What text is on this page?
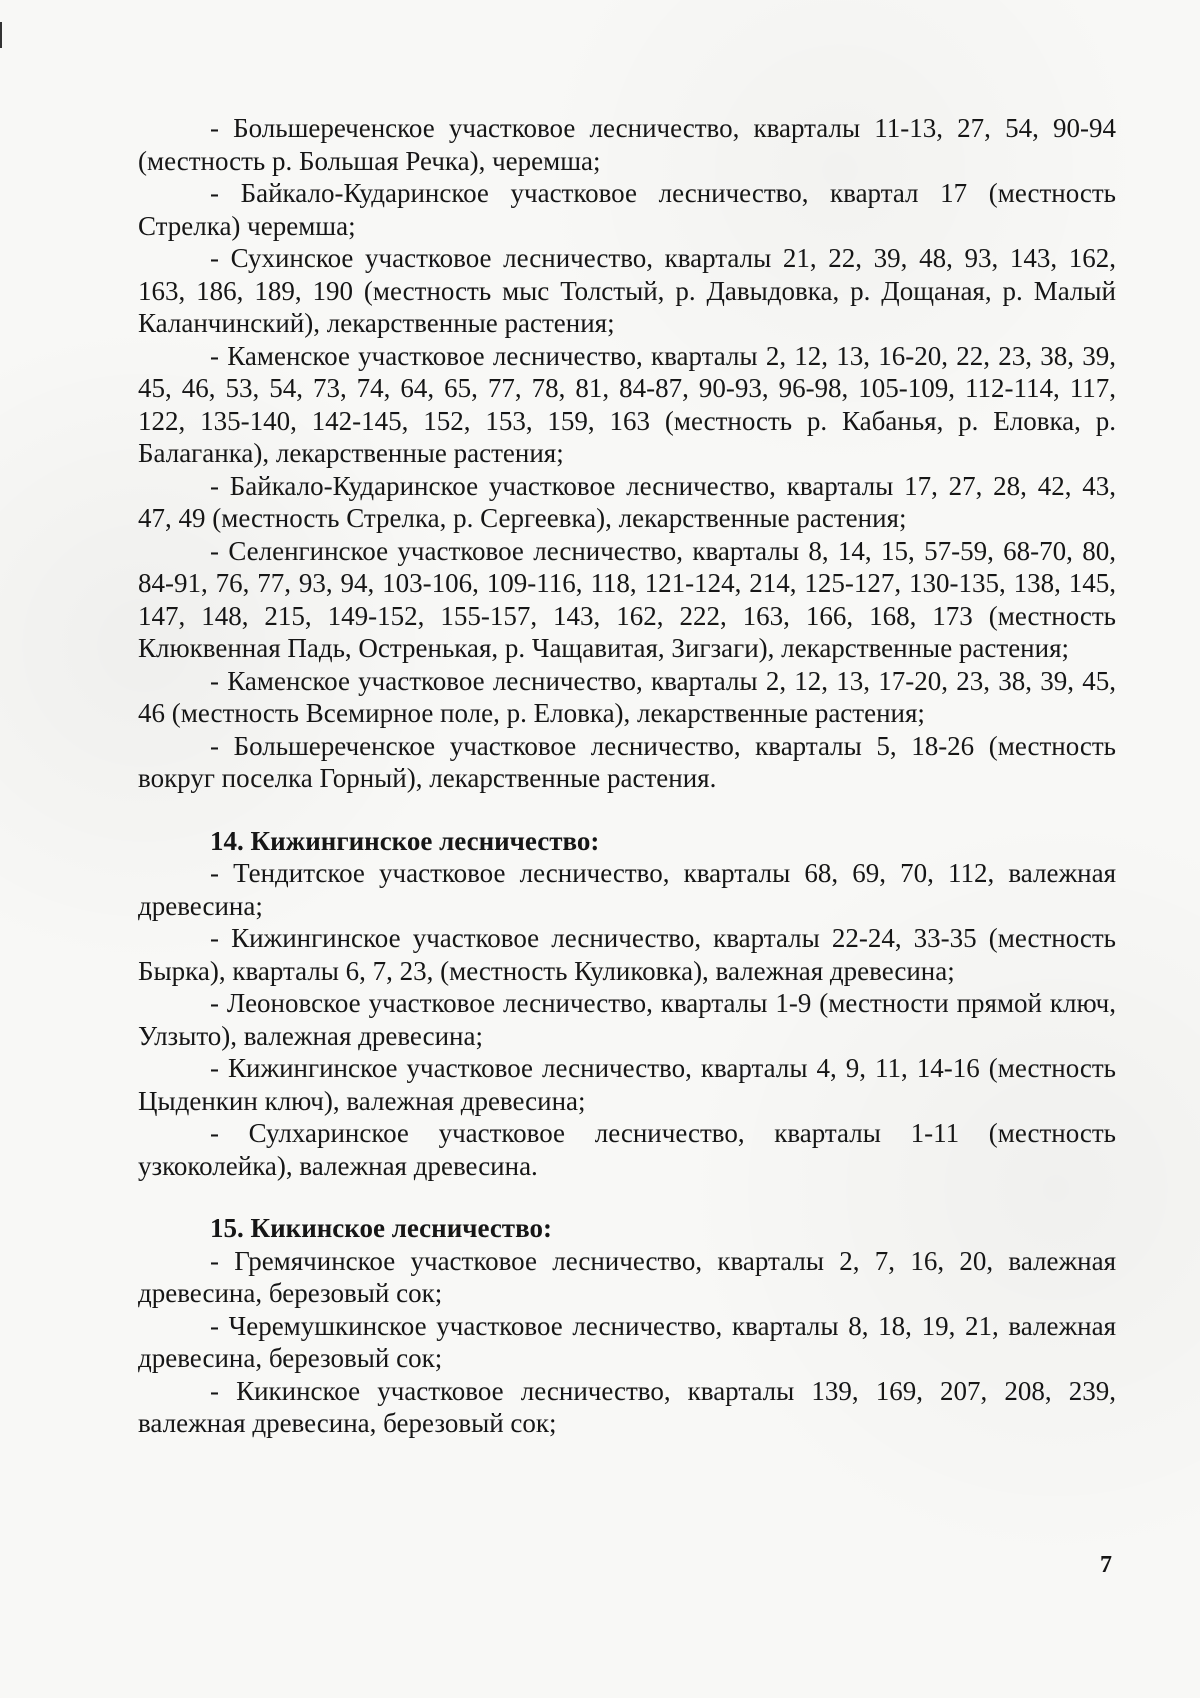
- Большереченское участковое лесничество, кварталы 11-13, 27, 54, 90-94 (местность р. Большая Речка), черемша;

- Байкало-Кударинское участковое лесничество, квартал 17 (местность Стрелка) черемша;

- Сухинское участковое лесничество, кварталы 21, 22, 39, 48, 93, 143, 162, 163, 186, 189, 190 (местность мыс Толстый, р. Давыдовка, р. Дощаная, р. Малый Каланчинский), лекарственные растения;

- Каменское участковое лесничество, кварталы 2, 12, 13, 16-20, 22, 23, 38, 39, 45, 46, 53, 54, 73, 74, 64, 65, 77, 78, 81, 84-87, 90-93, 96-98, 105-109, 112-114, 117, 122, 135-140, 142-145, 152, 153, 159, 163 (местность р. Кабанья, р. Еловка, р. Балаганка), лекарственные растения;

- Байкало-Кударинское участковое лесничество, кварталы 17, 27, 28, 42, 43, 47, 49 (местность Стрелка, р. Сергеевка), лекарственные растения;

- Селенгинское участковое лесничество, кварталы 8, 14, 15, 57-59, 68-70, 80, 84-91, 76, 77, 93, 94, 103-106, 109-116, 118, 121-124, 214, 125-127, 130-135, 138, 145, 147, 148, 215, 149-152, 155-157, 143, 162, 222, 163, 166, 168, 173 (местность Клюквенная Падь, Остренькая, р. Чащавитая, Зигзаги), лекарственные растения;

- Каменское участковое лесничество, кварталы 2, 12, 13, 17-20, 23, 38, 39, 45, 46 (местность Всемирное поле, р. Еловка), лекарственные растения;

- Большереченское участковое лесничество, кварталы 5, 18-26 (местность вокруг поселка Горный), лекарственные растения.

14. Кижингинское лесничество:

- Тендитское участковое лесничество, кварталы 68, 69, 70, 112, валежная древесина;

- Кижингинское участковое лесничество, кварталы 22-24, 33-35 (местность Бырка), кварталы 6, 7, 23, (местность Куликовка), валежная древесина;

- Леоновское участковое лесничество, кварталы 1-9 (местности прямой ключ, Улзыто), валежная древесина;

- Кижингинское участковое лесничество, кварталы 4, 9, 11, 14-16 (местность Цыденкин ключ), валежная древесина;

- Сулхаринское участковое лесничество, кварталы 1-11 (местность узкоколейка), валежная древесина.

15. Кикинское лесничество:

- Гремячинское участковое лесничество, кварталы 2, 7, 16, 20, валежная древесина, березовый сок;

- Черемушкинское участковое лесничество, кварталы 8, 18, 19, 21, валежная древесина, березовый сок;

- Кикинское участковое лесничество, кварталы 139, 169, 207, 208, 239, валежная древесина, березовый сок;

7
